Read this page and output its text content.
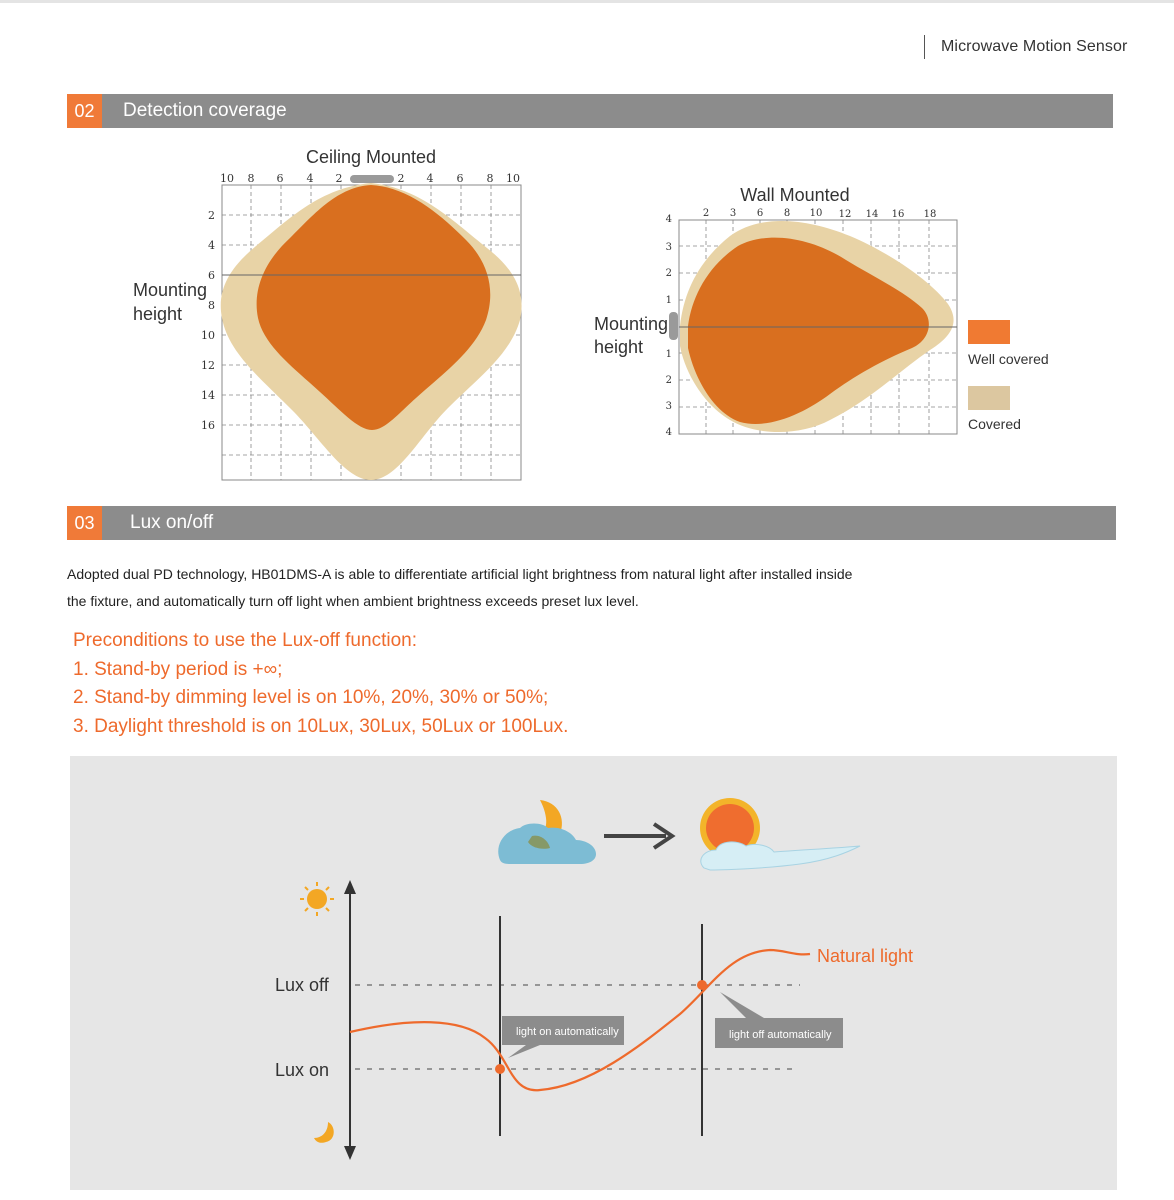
Microwave Motion Sensor
02	Detection coverage
Ceiling Mounted
10 8 6 4 2	2 4 6 8 10
2
4
6
8
10
12
14
16
Mounting
height
Wall Mounted
2 3 6 8 10 12 14 16 18
4
3
2
1
1
2
3
4
Mounting
height
Well covered
Covered
03	Lux on/off
Adopted dual PD technology, HB01DMS-A is able to differentiate artificial light brightness from natural light after installed inside
the fixture, and automatically turn off light when ambient brightness exceeds preset lux level.
Preconditions to use the Lux-off function:
1. Stand-by period is +∞;
2. Stand-by dimming level is on 10%, 20%, 30% or 50%;
3. Daylight threshold is on 10Lux, 30Lux, 50Lux or 100Lux.
Lux off
Lux on
Natural light
light on automatically	light off automatically
